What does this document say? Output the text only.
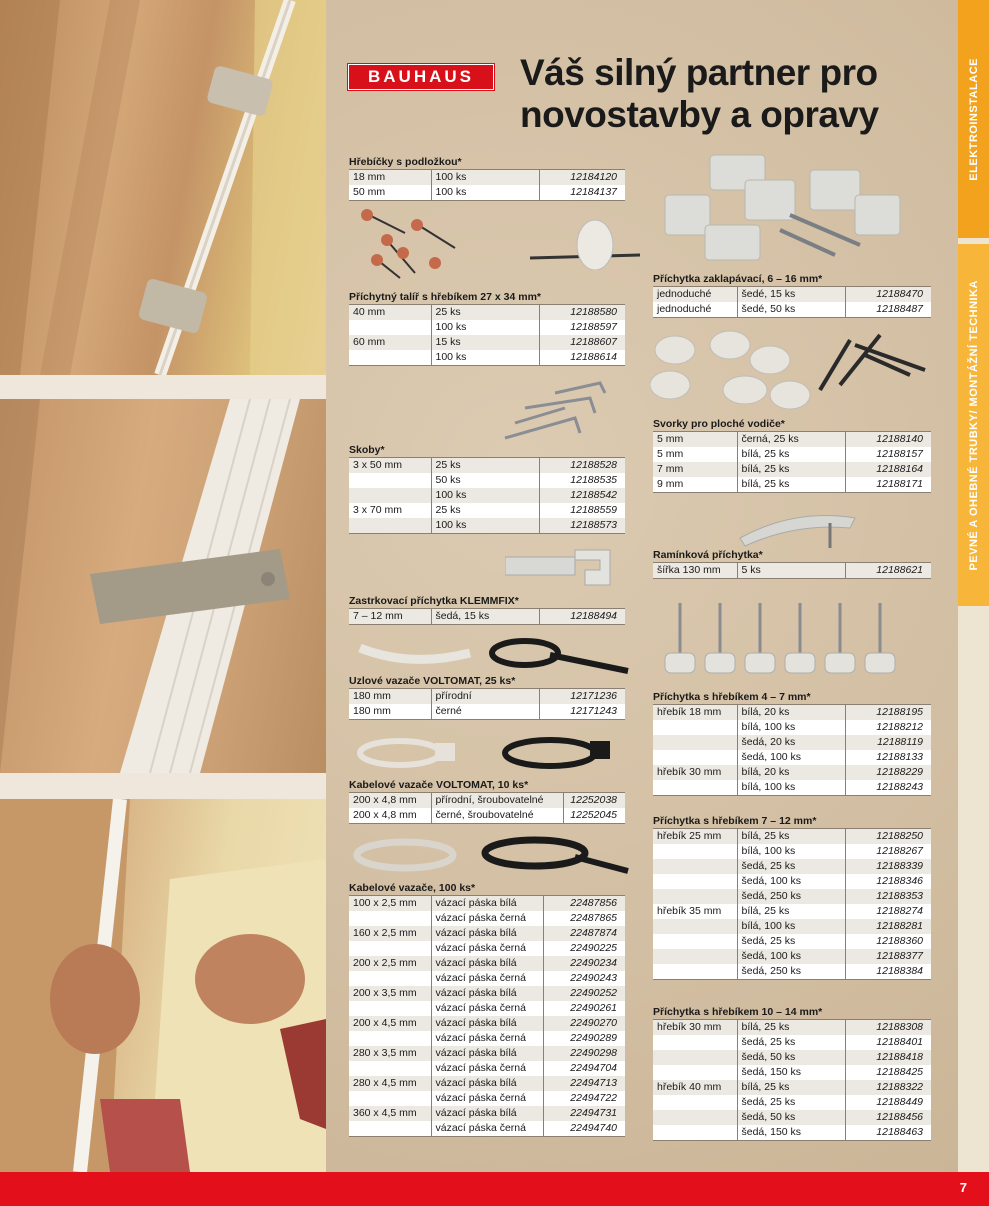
BAUHAUS Váš silný partner pro
novostavby a opravy	ELEKTROINSTALACE
PEVNÉ A OHEBNÉ TRUBKY/ MONTÁŽNÍ TECHNIKA
Hřebíčky s podložkou*
18 mm	100 ks	12184120
50 mm	100 ks	12184137
Příchytný talíř s hřebíkem 27 x 34 mm*
40 mm	25 ks	12188580
	100 ks	12188597
60 mm	15 ks	12188607
	100 ks	12188614
Skoby*
3 x 50 mm	25 ks	12188528
	50 ks	12188535
	100 ks	12188542
3 x 70 mm	25 ks	12188559
	100 ks	12188573
Zastrkovací příchytka KLEMMFIX*
7 – 12 mm	šedá, 15 ks	12188494
Uzlové vazače VOLTOMAT, 25 ks*
180 mm	přírodní	12171236
180 mm	černé	12171243
Kabelové vazače VOLTOMAT, 10 ks*
200 x 4,8 mm	přírodní, šroubovatelné	12252038
200 x 4,8 mm	černé, šroubovatelné	12252045
Kabelové vazače, 100 ks*
100 x 2,5 mm	vázací páska bílá	22487856
	vázací páska černá	22487865
160 x 2,5 mm	vázací páska bílá	22487874
	vázací páska černá	22490225
200 x 2,5 mm	vázací páska bílá	22490234
	vázací páska černá	22490243
200 x 3,5 mm	vázací páska bílá	22490252
	vázací páska černá	22490261
200 x 4,5 mm	vázací páska bílá	22490270
	vázací páska černá	22490289
280 x 3,5 mm	vázací páska bílá	22490298
	vázací páska černá	22494704
280 x 4,5 mm	vázací páska bílá	22494713
	vázací páska černá	22494722
360 x 4,5 mm	vázací páska bílá	22494731
	vázací páska černá	22494740
Příchytka zaklapávací, 6 – 16 mm*
jednoduché	šedé, 15 ks	12188470
jednoduché	šedé, 50 ks	12188487
Svorky pro ploché vodiče*
5 mm	černá, 25 ks	12188140
5 mm	bílá, 25 ks	12188157
7 mm	bílá, 25 ks	12188164
9 mm	bílá, 25 ks	12188171
Ramínková příchytka*
šířka 130 mm	5 ks	12188621
Příchytka s hřebíkem 4 – 7 mm*
hřebík 18 mm	bílá, 20 ks	12188195
	bílá, 100 ks	12188212
	šedá, 20 ks	12188119
	šedá, 100 ks	12188133
hřebík 30 mm	bílá, 20 ks	12188229
	bílá, 100 ks	12188243
Příchytka s hřebíkem 7 – 12 mm*
hřebík 25 mm	bílá, 25 ks	12188250
	bílá, 100 ks	12188267
	šedá, 25 ks	12188339
	šedá, 100 ks	12188346
	šedá, 250 ks	12188353
hřebík 35 mm	bílá, 25 ks	12188274
	bílá, 100 ks	12188281
	šedá, 25 ks	12188360
	šedá, 100 ks	12188377
	šedá, 250 ks	12188384
Příchytka s hřebíkem 10 – 14 mm*
hřebík 30 mm	bílá, 25 ks	12188308
	šedá, 25 ks	12188401
	šedá, 50 ks	12188418
	šedá, 150 ks	12188425
hřebík 40 mm	bílá, 25 ks	12188322
	šedá, 25 ks	12188449
	šedá, 50 ks	12188456
	šedá, 150 ks	12188463
7
